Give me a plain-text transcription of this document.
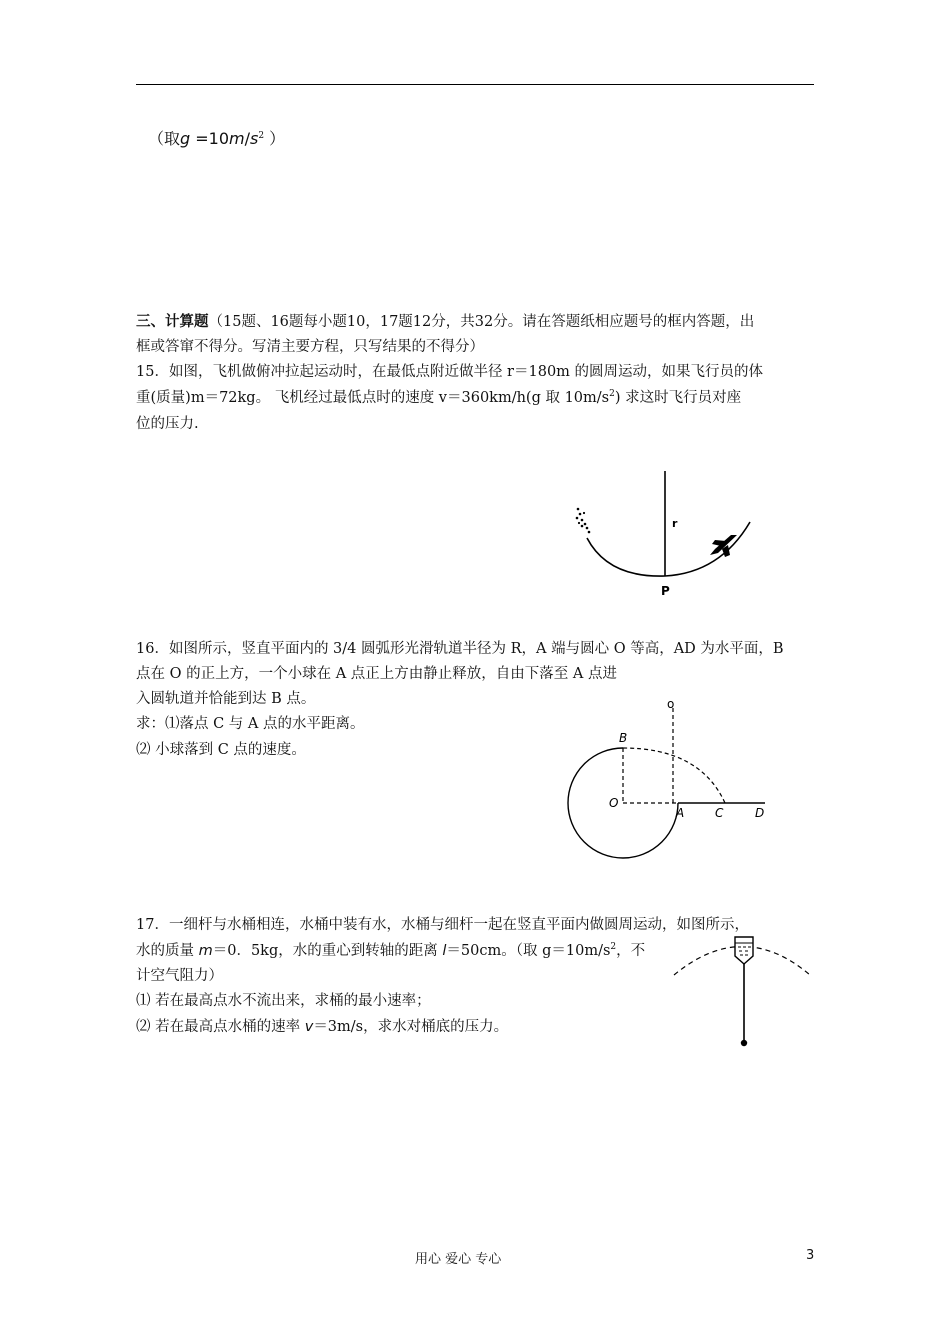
（取$g =10m/s^2$ ）
三、计算题（15题、16题每小题10，17题12分，共32分。请在答题纸相应题号的框内答题，出
框或答窜不得分。写清主要方程，只写结果的不得分）
15．如图，飞机做俯冲拉起运动时，在最低点附近做半径 r＝180m 的圆周运动，如果飞行员的体
重(质量)m＝72kg。 飞机经过最低点时的速度 v＝360km/h(g 取 $10m/s^2$) 求这时飞行员对座
位的压力.
r
P
16．如图所示，竖直平面内的 3/4 圆弧形光滑轨道半径为 R，A 端与圆心 O 等高，AD 为水平面，B
点在 O 的正上方，一个小球在 A 点正上方由静止释放，自由下落至 A 点进
入圆轨道并恰能到达 B 点。
求：⑴落点 C 与 A 点的水平距离。
⑵ 小球落到 C 点的速度。
o
B
O
A	C	D
17．一细杆与水桶相连，水桶中装有水，水桶与细杆一起在竖直平面内做圆周运动，如图所示，
水的质量 m＝0．5kg，水的重心到转轴的距离 l＝50cm。（取 $g=10m/s^2$，不
计空气阻力）
⑴ 若在最高点水不流出来，求桶的最小速率；
⑵ 若在最高点水桶的速率 v＝3m/s，求水对桶底的压力。
用心 爱心 专心	3
